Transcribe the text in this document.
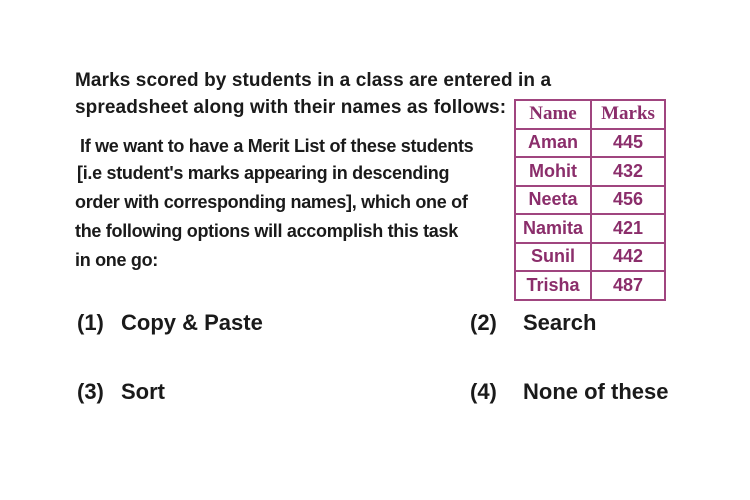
Marks scored by students in a class are entered in a
spreadsheet along with their names as follows:
If we want to have a Merit List of these students
[i.e student's marks appearing in descending
order with corresponding names], which one of
the following options will accomplish this task
in one go:
Name	Marks
Aman	445
Mohit	432
Neeta	456
Namita	421
Sunil	442
Trisha	487
(1) Copy & Paste	(2) Search
(3) Sort	(4) None of these
